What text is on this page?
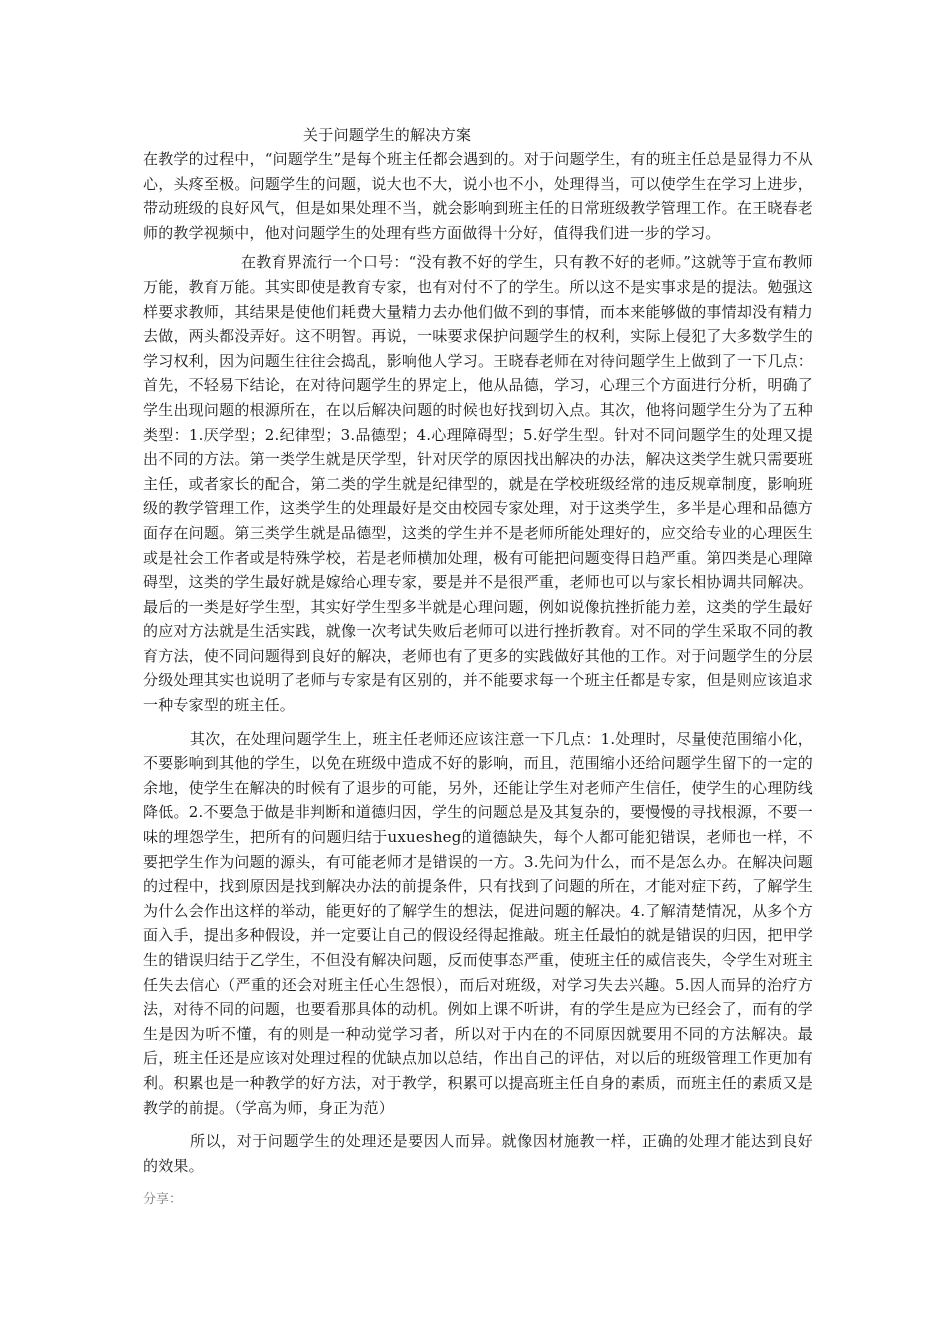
关于问题学生的解决方案

在教学的过程中，“问题学生”是每个班主任都会遇到的。对于问题学生，有的班主任总是显得力不从心，头疼至极。问题学生的问题，说大也不大，说小也不小，处理得当，可以使学生在学习上进步，带动班级的良好风气，但是如果处理不当，就会影响到班主任的日常班级教学管理工作。在王晓春老师的教学视频中，他对问题学生的处理有些方面做得十分好，值得我们进一步的学习。

在教育界流行一个口号：“没有教不好的学生，只有教不好的老师。”这就等于宣布教师万能，教育万能。其实即使是教育专家，也有对付不了的学生。所以这不是实事求是的提法。勉强这样要求教师，其结果是使他们耗费大量精力去办他们做不到的事情，而本来能够做的事情却没有精力去做，两头都没弄好。这不明智。再说，一味要求保护问题学生的权利，实际上侵犯了大多数学生的学习权利，因为问题生往往会捣乱，影响他人学习。王晓春老师在对待问题学生上做到了一下几点：首先，不轻易下结论，在对待问题学生的界定上，他从品德，学习，心理三个方面进行分析，明确了学生出现问题的根源所在，在以后解决问题的时候也好找到切入点。其次，他将问题学生分为了五种类型：1.厌学型；2.纪律型；3.品德型；4.心理障碍型；5.好学生型。针对不同问题学生的处理又提出不同的方法。第一类学生就是厌学型，针对厌学的原因找出解决的办法，解决这类学生就只需要班主任，或者家长的配合，第二类的学生就是纪律型的，就是在学校班级经常的违反规章制度，影响班级的教学管理工作，这类学生的处理最好是交由校园专家处理，对于这类学生，多半是心理和品德方面存在问题。第三类学生就是品德型，这类的学生并不是老师所能处理好的，应交给专业的心理医生或是社会工作者或是特殊学校，若是老师横加处理，极有可能把问题变得日趋严重。第四类是心理障碍型，这类的学生最好就是嫁给心理专家，要是并不是很严重，老师也可以与家长相协调共同解决。最后的一类是好学生型，其实好学生型多半就是心理问题，例如说像抗挫折能力差，这类的学生最好的应对方法就是生活实践，就像一次考试失败后老师可以进行挫折教育。对不同的学生采取不同的教育方法，使不同问题得到良好的解决，老师也有了更多的实践做好其他的工作。对于问题学生的分层分级处理其实也说明了老师与专家是有区别的，并不能要求每一个班主任都是专家，但是则应该追求一种专家型的班主任。

其次，在处理问题学生上，班主任老师还应该注意一下几点：1.处理时，尽量使范围缩小化，不要影响到其他的学生，以免在班级中造成不好的影响，而且，范围缩小还给问题学生留下的一定的余地，使学生在解决的时候有了退步的可能，另外，还能让学生对老师产生信任，使学生的心理防线降低。2.不要急于做是非判断和道德归因，学生的问题总是及其复杂的，要慢慢的寻找根源，不要一味的埋怨学生，把所有的问题归结于uxuesheg的道德缺失，每个人都可能犯错误，老师也一样，不要把学生作为问题的源头，有可能老师才是错误的一方。3.先问为什么，而不是怎么办。在解决问题的过程中，找到原因是找到解决办法的前提条件，只有找到了问题的所在，才能对症下药，了解学生为什么会作出这样的举动，能更好的了解学生的想法，促进问题的解决。4.了解清楚情况，从多个方面入手，提出多种假设，并一定要让自己的假设经得起推敲。班主任最怕的就是错误的归因，把甲学生的错误归结于乙学生，不但没有解决问题，反而使事态严重，使班主任的威信丧失，令学生对班主任失去信心（严重的还会对班主任心生怨恨），而后对班级，对学习失去兴趣。5.因人而异的治疗方法，对待不同的问题，也要看那具体的动机。例如上课不听讲，有的学生是应为已经会了，而有的学生是因为听不懂，有的则是一种动觉学习者，所以对于内在的不同原因就要用不同的方法解决。最后，班主任还是应该对处理过程的优缺点加以总结，作出自己的评估，对以后的班级管理工作更加有利。积累也是一种教学的好方法，对于教学，积累可以提高班主任自身的素质，而班主任的素质又是教学的前提。（学高为师，身正为范）

所以，对于问题学生的处理还是要因人而异。就像因材施教一样，正确的处理才能达到良好的效果。

分享：
